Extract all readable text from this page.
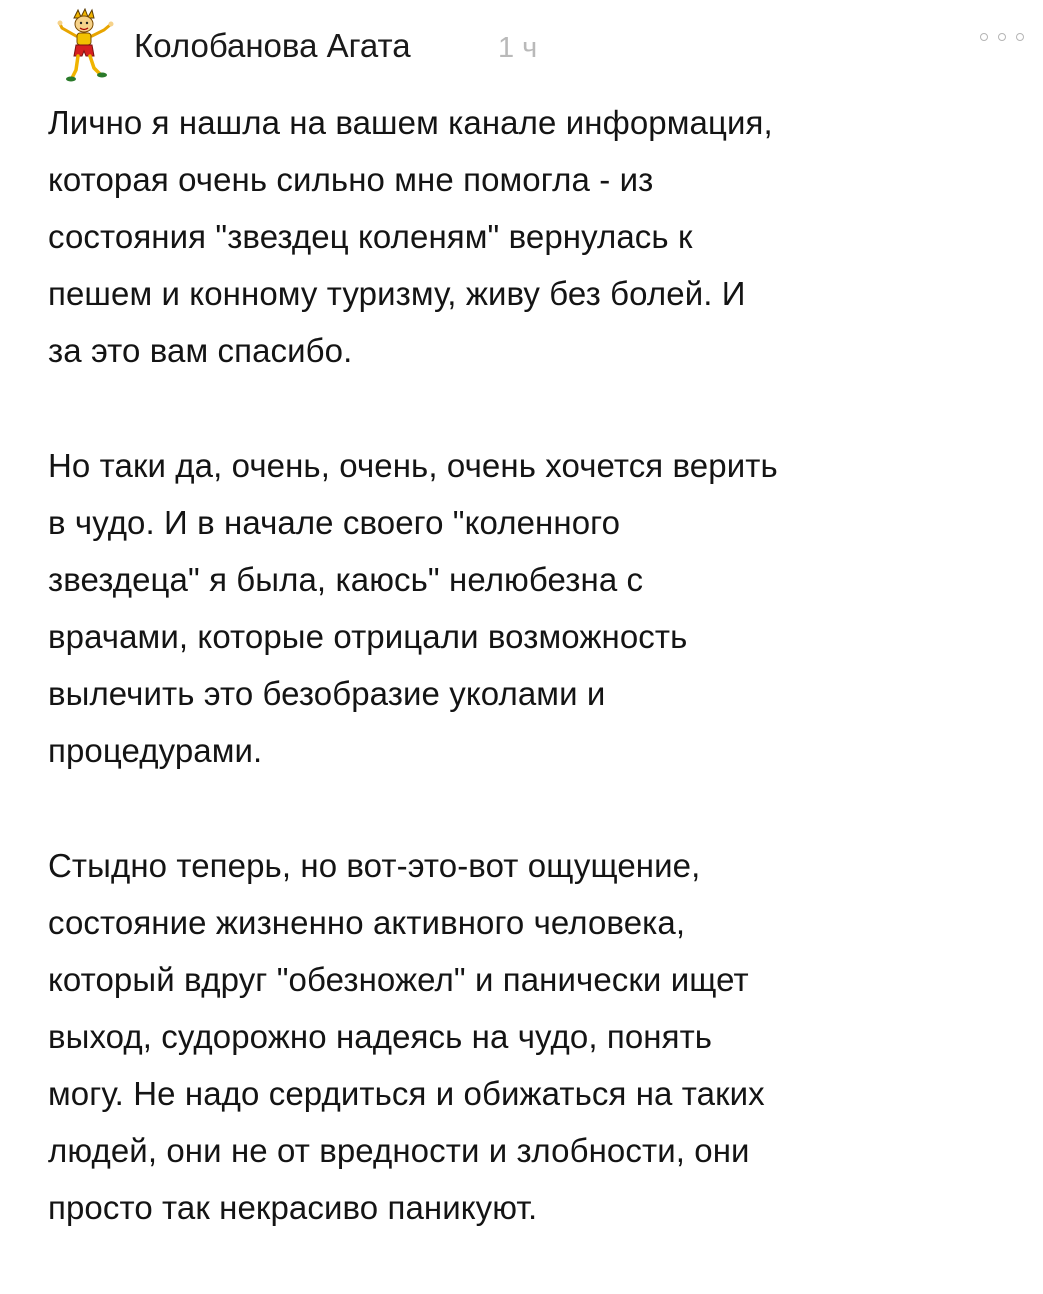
Колобанова Агата	1 ч

Лично я нашла на вашем канале информация,
которая очень сильно мне помогла - из
состояния "звездец коленям" вернулась к
пешем и конному туризму, живу без болей. И
за это вам спасибо.

Но таки да, очень, очень, очень хочется верить
в чудо. И в начале своего "коленного
звездеца" я была, каюсь" нелюбезна с
врачами, которые отрицали возможность
вылечить это безобразие уколами и
процедурами.

Стыдно теперь, но вот-это-вот ощущение,
состояние жизненно активного человека,
который вдруг "обезножел" и панически ищет
выход, судорожно надеясь на чудо, понять
могу. Не надо сердиться и обижаться на таких
людей, они не от вредности и злобности, они
просто так некрасиво паникуют.
